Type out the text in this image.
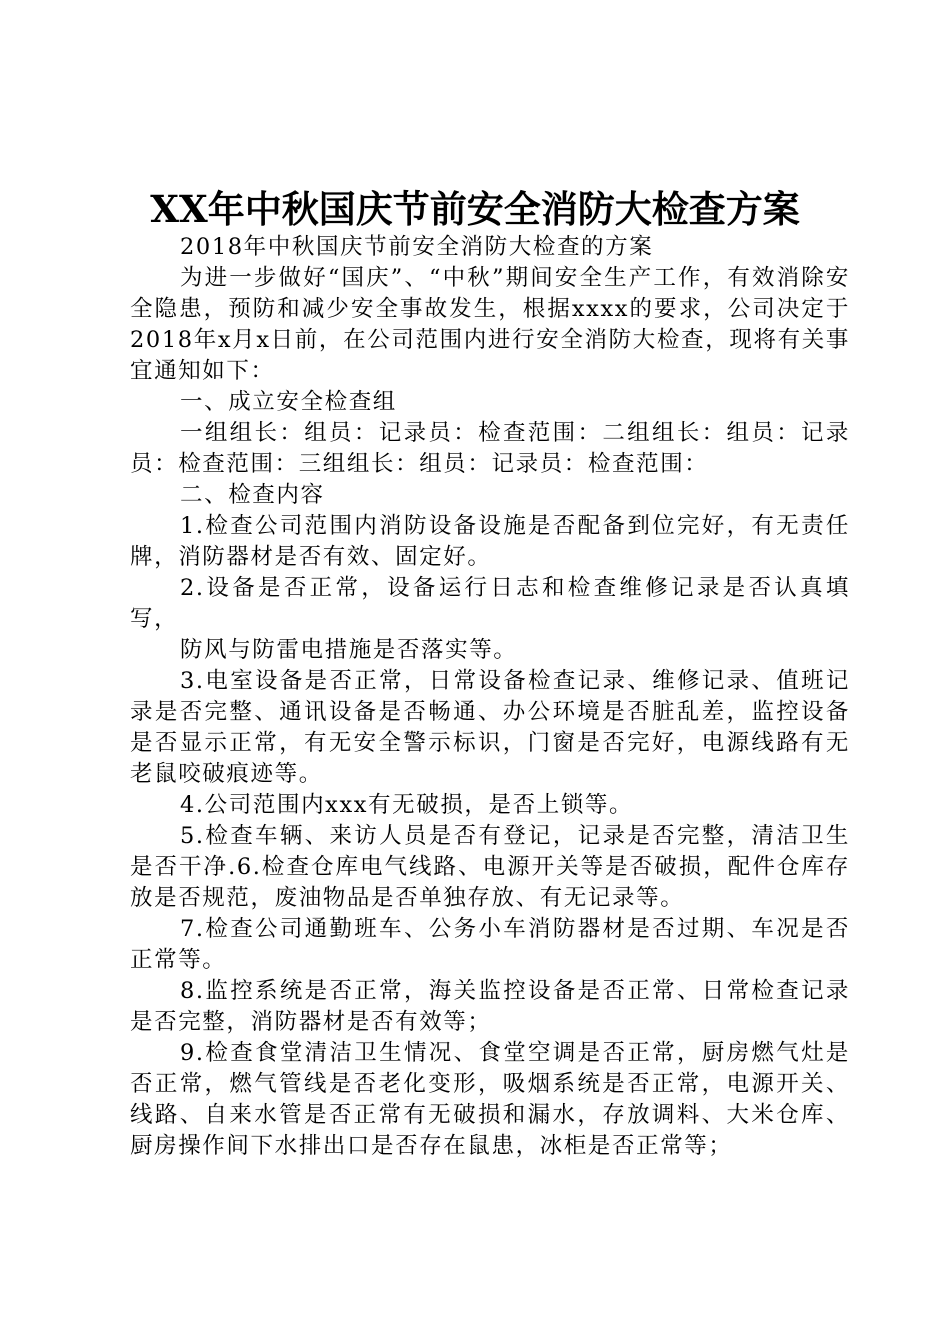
XX年中秋国庆节前安全消防大检查方案

2018年中秋国庆节前安全消防大检查的方案

为进一步做好“国庆”、“中秋”期间安全生产工作，有效消除安全隐患，预防和减少安全事故发生，根据xxxx的要求，公司决定于2018年x月x日前，在公司范围内进行安全消防大检查，现将有关事宜通知如下：

一、成立安全检查组

一组组长：组员：记录员：检查范围：二组组长：组员：记录员：检查范围：三组组长：组员：记录员：检查范围：

二、检查内容

1.检查公司范围内消防设备设施是否配备到位完好，有无责任牌，消防器材是否有效、固定好。

2.设备是否正常，设备运行日志和检查维修记录是否认真填写，

防风与防雷电措施是否落实等。

3.电室设备是否正常，日常设备检查记录、维修记录、值班记录是否完整、通讯设备是否畅通、办公环境是否脏乱差，监控设备是否显示正常，有无安全警示标识，门窗是否完好，电源线路有无老鼠咬破痕迹等。

4.公司范围内xxx有无破损，是否上锁等。

5.检查车辆、来访人员是否有登记，记录是否完整，清洁卫生是否干净.6.检查仓库电气线路、电源开关等是否破损，配件仓库存放是否规范，废油物品是否单独存放、有无记录等。

7.检查公司通勤班车、公务小车消防器材是否过期、车况是否正常等。

8.监控系统是否正常，海关监控设备是否正常、日常检查记录是否完整，消防器材是否有效等；

9.检查食堂清洁卫生情况、食堂空调是否正常，厨房燃气灶是否正常，燃气管线是否老化变形，吸烟系统是否正常，电源开关、线路、自来水管是否正常有无破损和漏水，存放调料、大米仓库、厨房操作间下水排出口是否存在鼠患，冰柜是否正常等；
